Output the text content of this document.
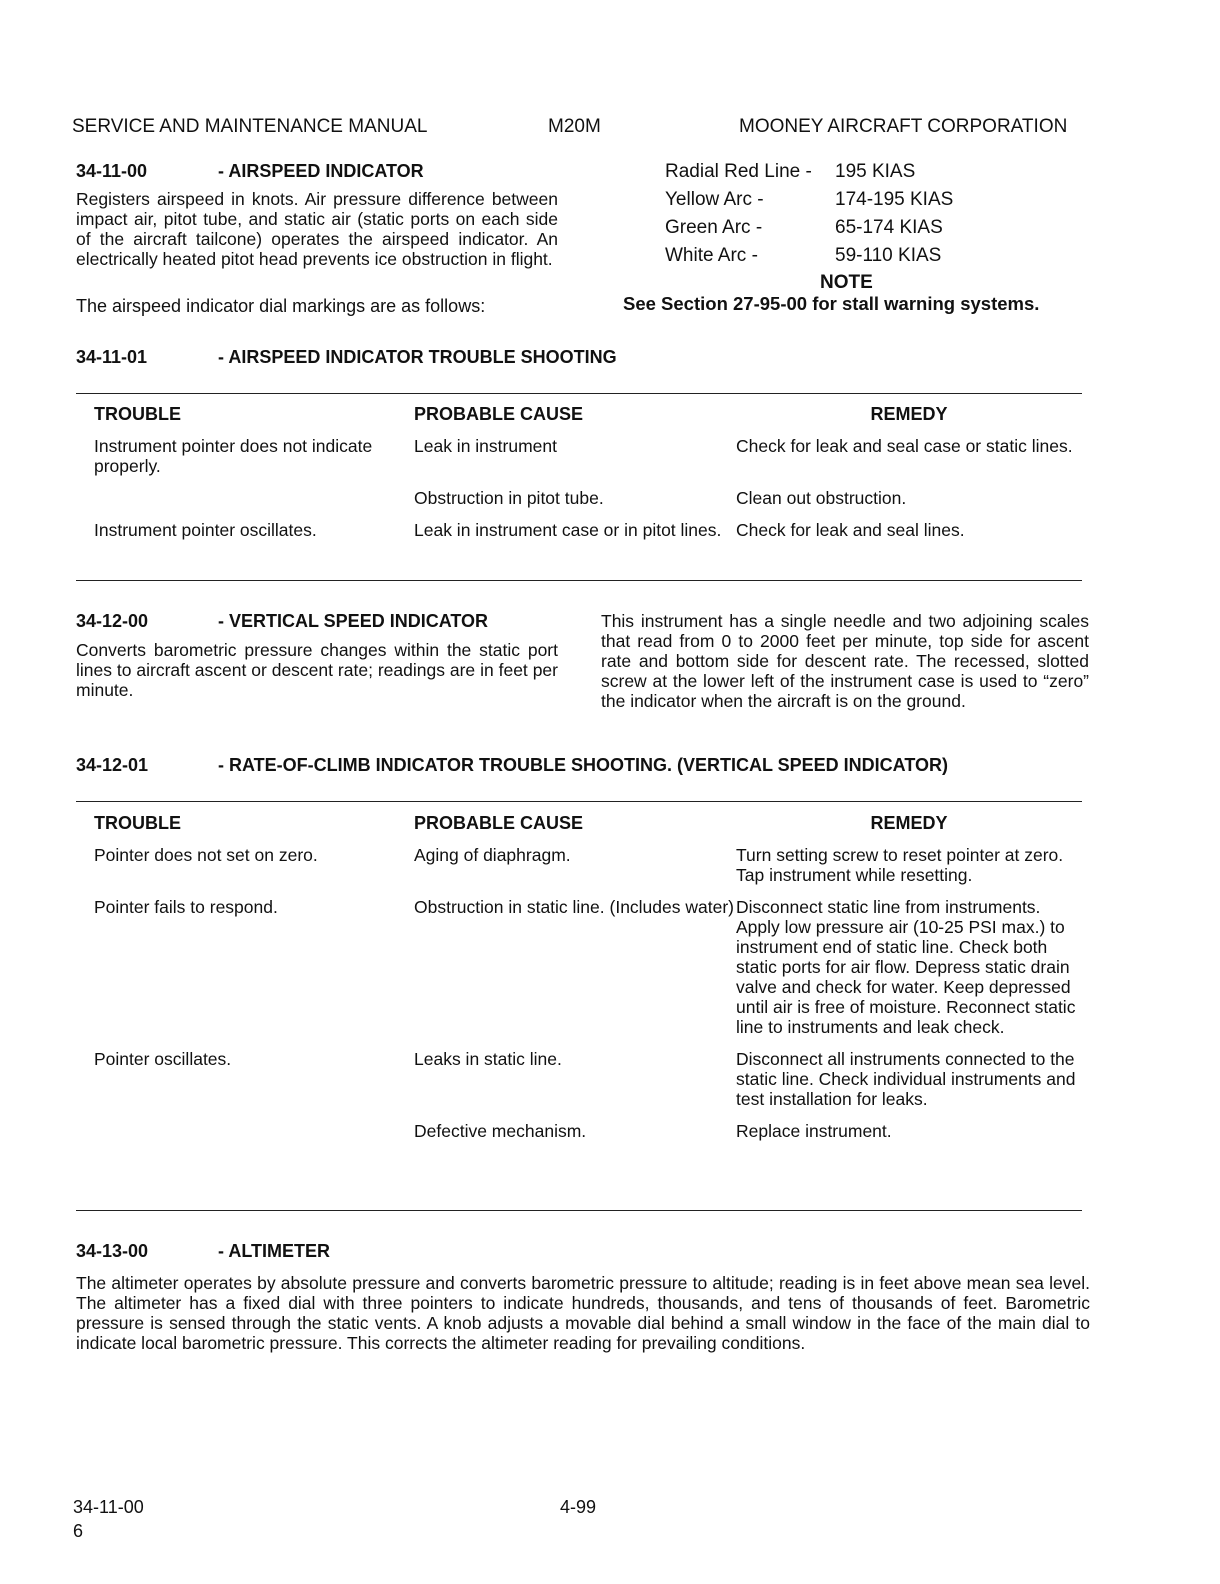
SERVICE AND MAINTENANCE MANUAL	M20M	MOONEY AIRCRAFT CORPORATION
34-11-00	- AIRSPEED INDICATOR
Registers airspeed in knots. Air pressure difference between impact air, pitot tube, and static air (static ports on each side of the aircraft tailcone) operates the airspeed indicator. An electrically heated pitot head prevents ice obstruction in flight.
The airspeed indicator dial markings are as follows:
Radial Red Line -	195 KIAS
Yellow Arc -	174-195 KIAS
Green Arc -	65-174 KIAS
White Arc -	59-110 KIAS
NOTE
See Section 27-95-00 for stall warning systems.
34-11-01	- AIRSPEED INDICATOR TROUBLE SHOOTING
TROUBLE	PROBABLE CAUSE	REMEDY
Instrument pointer does not indicate properly.	Leak in instrument	Check for leak and seal case or static lines.
	Obstruction in pitot tube.	Clean out obstruction.
Instrument pointer oscillates.	Leak in instrument case or in pitot lines.	Check for leak and seal lines.
34-12-00	- VERTICAL SPEED INDICATOR
Converts barometric pressure changes within the static port lines to aircraft ascent or descent rate; readings are in feet per minute.
This instrument has a single needle and two adjoining scales that read from 0 to 2000 feet per minute, top side for ascent rate and bottom side for descent rate. The recessed, slotted screw at the lower left of the instrument case is used to “zero” the indicator when the aircraft is on the ground.
34-12-01	- RATE-OF-CLIMB INDICATOR TROUBLE SHOOTING. (VERTICAL SPEED INDICATOR)
TROUBLE	PROBABLE CAUSE	REMEDY
Pointer does not set on zero.	Aging of diaphragm.	Turn setting screw to reset pointer at zero. Tap instrument while resetting.
Pointer fails to respond.	Obstruction in static line. (Includes water)	Disconnect static line from instruments. Apply low pressure air (10-25 PSI max.) to instrument end of static line. Check both static ports for air flow. Depress static drain valve and check for water. Keep depressed until air is free of moisture. Reconnect static line to instruments and leak check.
Pointer oscillates.	Leaks in static line.	Disconnect all instruments connected to the static line. Check individual instruments and test installation for leaks.
	Defective mechanism.	Replace instrument.
34-13-00	- ALTIMETER
The altimeter operates by absolute pressure and converts barometric pressure to altitude; reading is in feet above mean sea level. The altimeter has a fixed dial with three pointers to indicate hundreds, thousands, and tens of thousands of feet. Barometric pressure is sensed through the static vents. A knob adjusts a movable dial behind a small window in the face of the main dial to indicate local barometric pressure. This corrects the altimeter reading for prevailing conditions.
34-11-00
6
4-99
